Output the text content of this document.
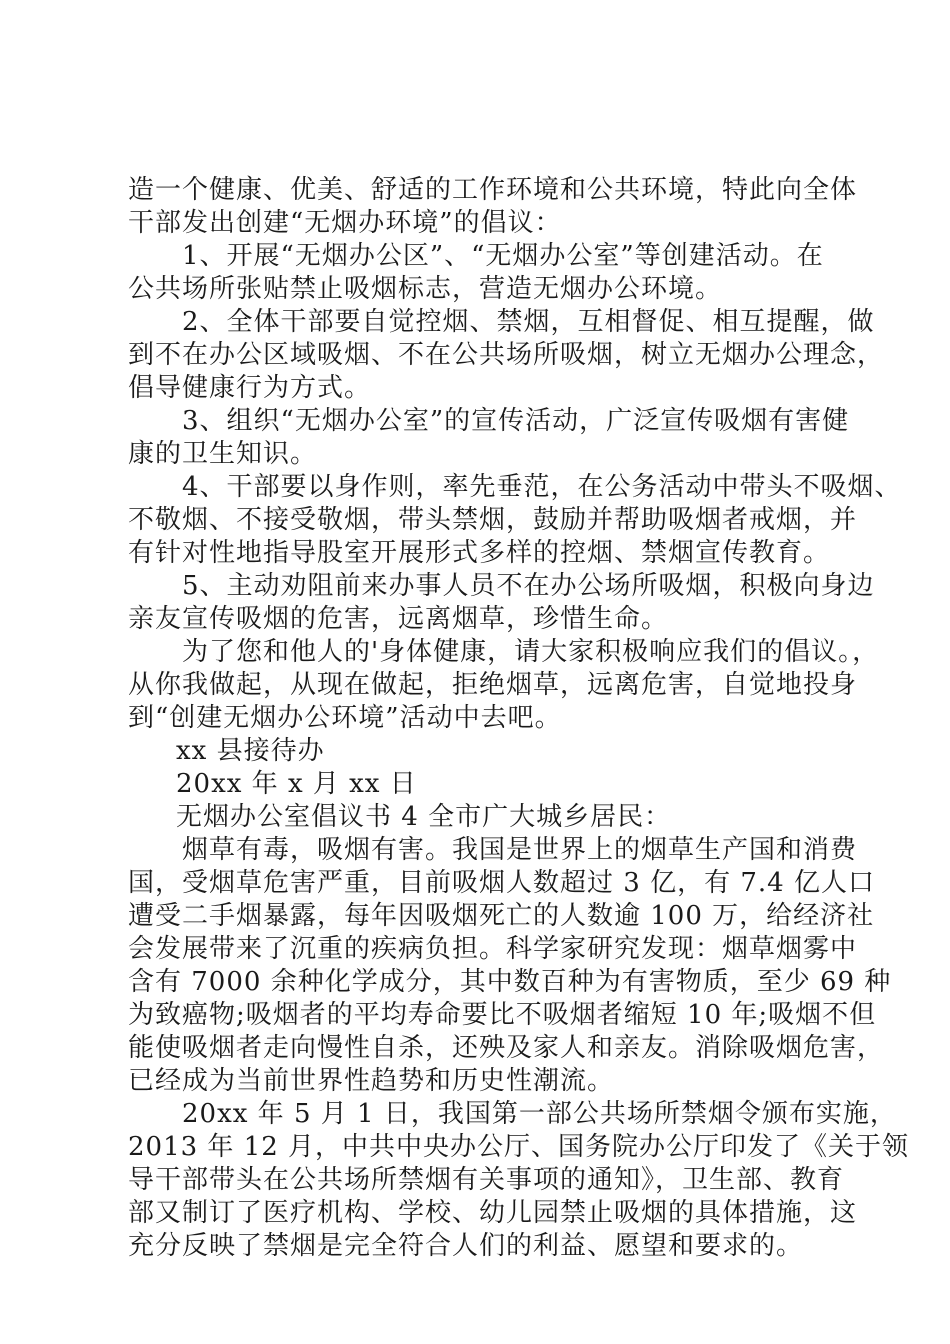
造一个健康、优美、舒适的工作环境和公共环境，特此向全体
干部发出创建“无烟办环境”的倡议：
1、开展“无烟办公区”、“无烟办公室”等创建活动。在
公共场所张贴禁止吸烟标志，营造无烟办公环境。
2、全体干部要自觉控烟、禁烟，互相督促、相互提醒，做
到不在办公区域吸烟、不在公共场所吸烟，树立无烟办公理念，
倡导健康行为方式。
3、组织“无烟办公室”的宣传活动，广泛宣传吸烟有害健
康的卫生知识。
4、干部要以身作则，率先垂范，在公务活动中带头不吸烟、
不敬烟、不接受敬烟，带头禁烟，鼓励并帮助吸烟者戒烟，并
有针对性地指导股室开展形式多样的控烟、禁烟宣传教育。
5、主动劝阻前来办事人员不在办公场所吸烟，积极向身边
亲友宣传吸烟的危害，远离烟草，珍惜生命。
为了您和他人的'身体健康，请大家积极响应我们的倡议。，
从你我做起，从现在做起，拒绝烟草，远离危害，自觉地投身
到“创建无烟办公环境”活动中去吧。
xx 县接待办
20xx 年 x 月 xx 日
无烟办公室倡议书 4 全市广大城乡居民：
烟草有毒，吸烟有害。我国是世界上的烟草生产国和消费
国，受烟草危害严重，目前吸烟人数超过 3 亿，有 7.4 亿人口
遭受二手烟暴露，每年因吸烟死亡的人数逾 100 万，给经济社
会发展带来了沉重的疾病负担。科学家研究发现：烟草烟雾中
含有 7000 余种化学成分，其中数百种为有害物质，至少 69 种
为致癌物;吸烟者的平均寿命要比不吸烟者缩短 10 年;吸烟不但
能使吸烟者走向慢性自杀，还殃及家人和亲友。消除吸烟危害，
已经成为当前世界性趋势和历史性潮流。
20xx 年 5 月 1 日，我国第一部公共场所禁烟令颁布实施，
2013 年 12 月，中共中央办公厅、国务院办公厅印发了《关于领
导干部带头在公共场所禁烟有关事项的通知》，卫生部、教育
部又制订了医疗机构、学校、幼儿园禁止吸烟的具体措施，这
充分反映了禁烟是完全符合人们的利益、愿望和要求的。
